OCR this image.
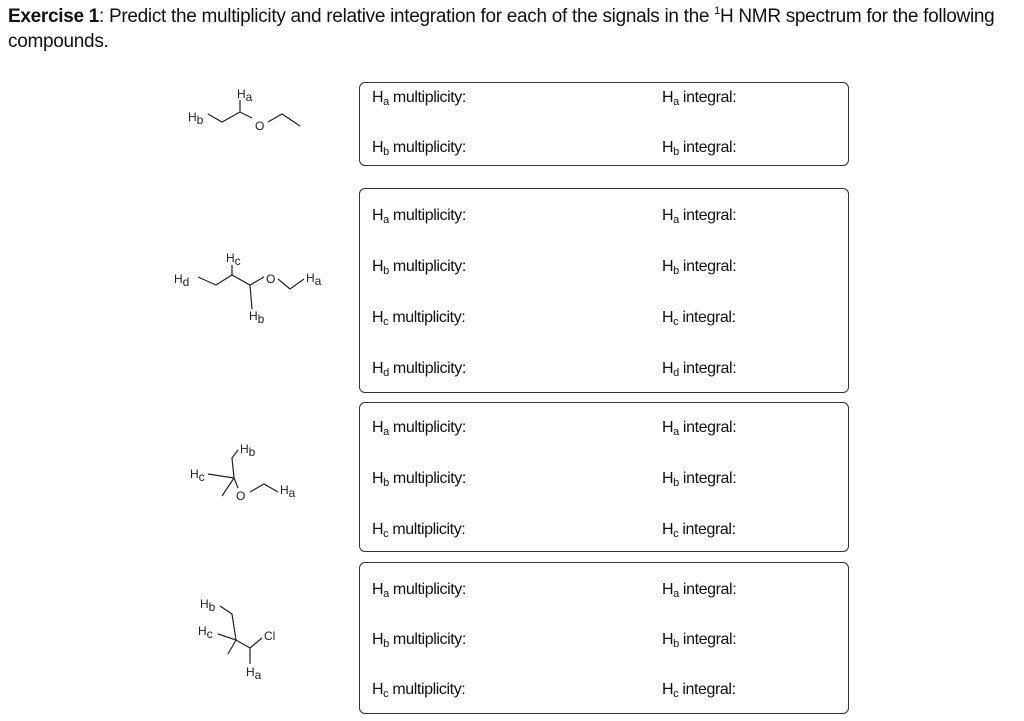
Exercise 1: Predict the multiplicity and relative integration for each of the signals in the $^1$H NMR spectrum for the following compounds.
Hb
Ha
O
Hd
Hc
Hb
O	Ha
Hb
Hc
O	Ha
Hb
Hc	Cl
Ha
$H_a$ multiplicity:	$H_a$ integral:
$H_b$ multiplicity:	$H_b$ integral:
$H_a$ multiplicity:	$H_a$ integral:
$H_b$ multiplicity:	$H_b$ integral:
$H_c$ multiplicity:	$H_c$ integral:
$H_d$ multiplicity:	$H_d$ integral:
$H_a$ multiplicity:	$H_a$ integral:
$H_b$ multiplicity:	$H_b$ integral:
$H_c$ multiplicity:	$H_c$ integral:
$H_a$ multiplicity:	$H_a$ integral:
$H_b$ multiplicity:	$H_b$ integral:
$H_c$ multiplicity:	$H_c$ integral:
